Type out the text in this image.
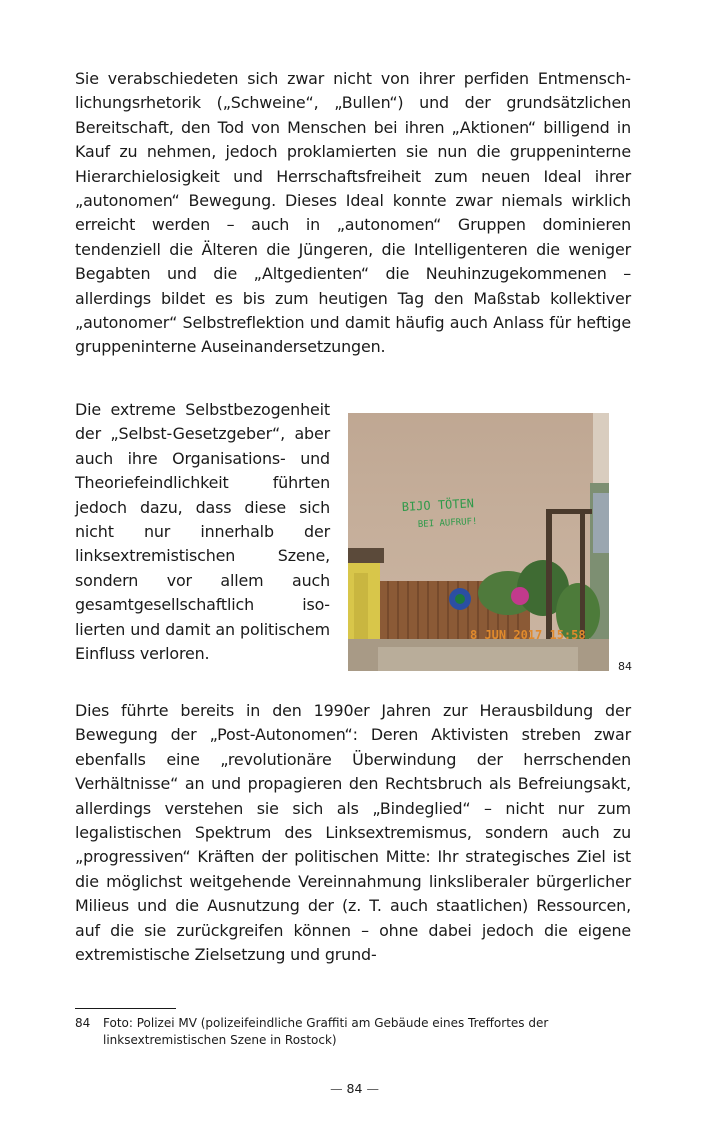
Sie verabschiedeten sich zwar nicht von ihrer perfiden Entmenschlichungsrhetorik („Schweine“, „Bullen“) und der grundsätzlichen Bereitschaft, den Tod von Menschen bei ihren „Aktionen“ billigend in Kauf zu nehmen, jedoch proklamierten sie nun die gruppeninterne Hierarchielosigkeit und Herrschaftsfreiheit zum neuen Ideal ihrer „autonomen“ Bewegung. Dieses Ideal konnte zwar niemals wirklich erreicht werden – auch in „autonomen“ Gruppen dominieren tendenziell die Älteren die Jüngeren, die Intelligenteren die weniger Begabten und die „Altgedienten“ die Neuhinzugekommenen – allerdings bildet es bis zum heutigen Tag den Maßstab kollektiver „autonomer“ Selbstreflektion und damit häufig auch Anlass für heftige gruppeninterne Auseinandersetzungen.

Die extreme Selbstbezogenheit der „Selbst-Gesetzgeber“, aber auch ihre Organisations- und Theoriefeindlichkeit führten jedoch dazu, dass diese sich nicht nur innerhalb der linksextremistischen Szene, sondern vor allem auch gesamtgesellschaftlich isolierten und damit an politischem Einfluss verloren.

BIJO TÖTEN
BEI AUFRUF!
8 JUN 2017 15:58
84

Dies führte bereits in den 1990er Jahren zur Herausbildung der Bewegung der „Post-Autonomen“: Deren Aktivisten streben zwar ebenfalls eine „revolutionäre Überwindung der herrschenden Verhältnisse“ an und propagieren den Rechtsbruch als Befreiungsakt, allerdings verstehen sie sich als „Bindeglied“ – nicht nur zum legalistischen Spektrum des Linksextremismus, sondern auch zu „progressiven“ Kräften der politischen Mitte: Ihr strategisches Ziel ist die möglichst weitgehende Vereinnahmung linksliberaler bürgerlicher Milieus und die Ausnutzung der (z. T. auch staatlichen) Ressourcen, auf die sie zurückgreifen können – ohne dabei jedoch die eigene extremistische Zielsetzung und grund-

84 Foto: Polizei MV (polizeifeindliche Graffiti am Gebäude eines Treffortes der linksextremistischen Szene in Rostock)
— 84 —
